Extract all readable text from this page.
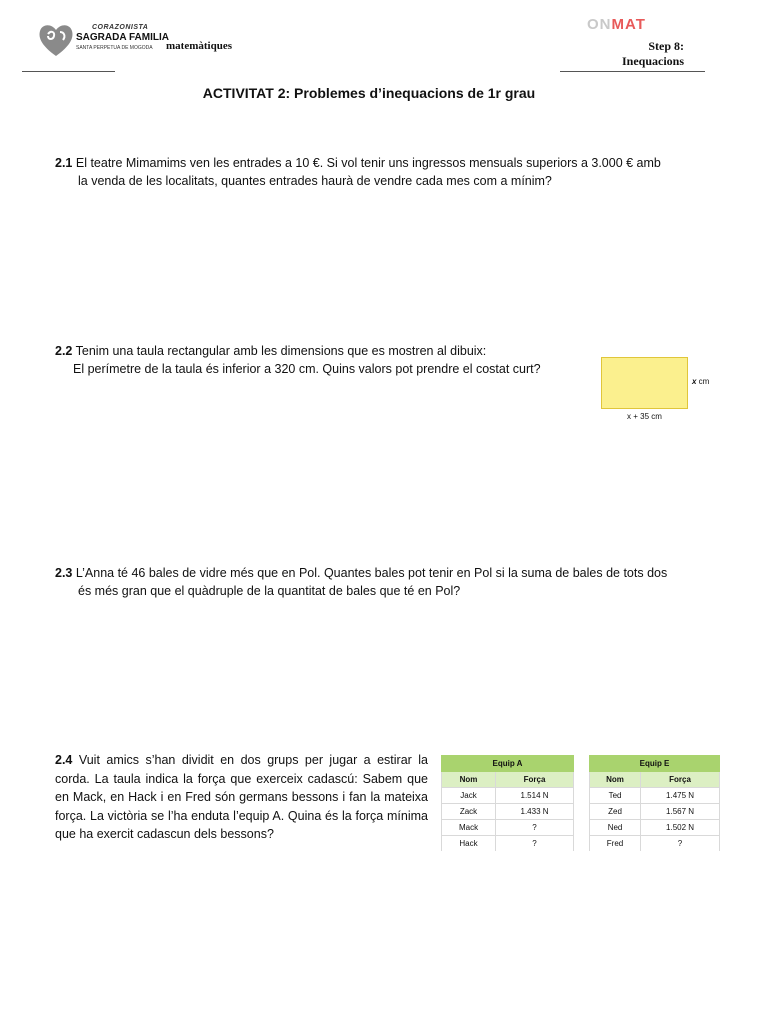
CORAZONISTA
SAGRADA FAMILIA
SANTA PERPETUA DE MOGODA matemàtiques
ONMAT
Step 8:
Inequacions
ACTIVITAT 2: Problemes d’inequacions de 1r grau
2.1 El teatre Mimamims ven les entrades a 10 €. Si vol tenir uns ingressos mensuals superiors a 3.000 € amb
la venda de les localitats, quantes entrades haurà de vendre cada mes com a mínim?
2.2 Tenim una taula rectangular amb les dimensions que es mostren al dibuix:
El perímetre de la taula és inferior a 320 cm. Quins valors pot prendre el costat curt?
x cm
x + 35 cm
2.3 L’Anna té 46 bales de vidre més que en Pol. Quantes bales pot tenir en Pol si la suma de bales de tots dos
és més gran que el quàdruple de la quantitat de bales que té en Pol?
2.4 Vuit amics s’han dividit en dos grups per jugar a estirar la corda. La taula indica la força que exerceix cadascú: Sabem que en Mack, en Hack i en Fred són germans bessons i fan la mateixa força. La victòria se l’ha enduta l’equip A. Quina és la força mínima que ha exercit cadascun dels bessons?
Equip A	
Nom	Força
Jack	1.514 N
Zack	1.433 N
Mack	?
Hack	?
Equip E	
Nom	Força
Ted	1.475 N
Zed	1.567 N
Ned	1.502 N
Fred	?
